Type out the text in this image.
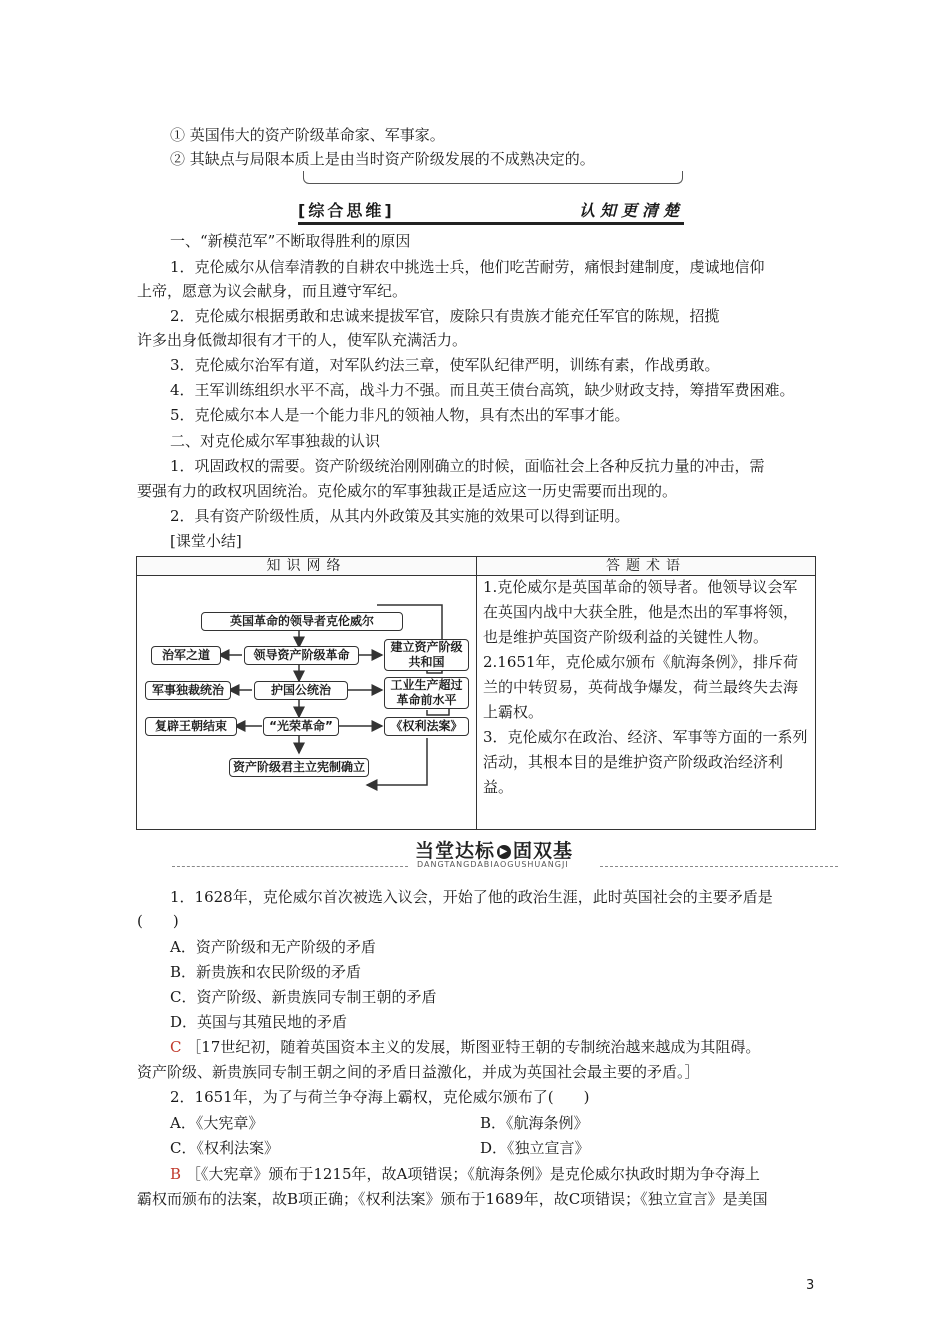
① 英国伟大的资产阶级革命家、军事家。
② 其缺点与局限本质上是由当时资产阶级发展的不成熟决定的。
[综合思维]	认知更清楚
一、“新模范军”不断取得胜利的原因
1．克伦威尔从信奉清教的自耕农中挑选士兵，他们吃苦耐劳，痛恨封建制度，虔诚地信仰
上帝，愿意为议会献身，而且遵守军纪。
2．克伦威尔根据勇敢和忠诚来提拔军官，废除只有贵族才能充任军官的陈规，招揽
许多出身低微却很有才干的人，使军队充满活力。
3．克伦威尔治军有道，对军队约法三章，使军队纪律严明，训练有素，作战勇敢。
4．王军训练组织水平不高，战斗力不强。而且英王债台高筑，缺少财政支持，筹措军费困难。
5．克伦威尔本人是一个能力非凡的领袖人物，具有杰出的军事才能。
二、对克伦威尔军事独裁的认识
1．巩固政权的需要。资产阶级统治刚刚确立的时候，面临社会上各种反抗力量的冲击，需
要强有力的政权巩固统治。克伦威尔的军事独裁正是适应这一历史需要而出现的。
2．具有资产阶级性质，从其内外政策及其实施的效果可以得到证明。
[课堂小结]
知识网络	答题术语
英国革命的领导者克伦威尔
治军之道	领导资产阶级革命
建立资产阶级共和国
军事独裁统治	护国公统治	工业生产超过革命前水平
复辟王朝结束	“光荣革命”	《权利法案》
资产阶级君主立宪制确立

1.克伦威尔是英国革命的领导者。他领导议会军在英国内战中大获全胜，他是杰出的军事将领，也是维护英国资产阶级利益的关键性人物。

2.1651年，克伦威尔颁布《航海条例》，排斥荷兰的中转贸易，英荷战争爆发，荷兰最终失去海上霸权。

3．克伦威尔在政治、经济、军事等方面的一系列活动，其根本目的是维护资产阶级政治经济利益。

当堂达标 ▶ 固双基
DANGTANGDABIAOGUSHUANGJI
1．1628年，克伦威尔首次被选入议会，开始了他的政治生涯，此时英国社会的主要矛盾是
(　　)
A．资产阶级和无产阶级的矛盾
B．新贵族和农民阶级的矛盾
C．资产阶级、新贵族同专制王朝的矛盾
D．英国与其殖民地的矛盾
C ［17世纪初，随着英国资本主义的发展，斯图亚特王朝的专制统治越来越成为其阻碍。
资产阶级、新贵族同专制王朝之间的矛盾日益激化，并成为英国社会最主要的矛盾。］
2．1651年，为了与荷兰争夺海上霸权，克伦威尔颁布了(　　)
A．《大宪章》	B．《航海条例》
C．《权利法案》	D．《独立宣言》
B ［《大宪章》颁布于1215年，故A项错误；《航海条例》是克伦威尔执政时期为争夺海上
霸权而颁布的法案，故B项正确；《权利法案》颁布于1689年，故C项错误；《独立宣言》是美国
3
